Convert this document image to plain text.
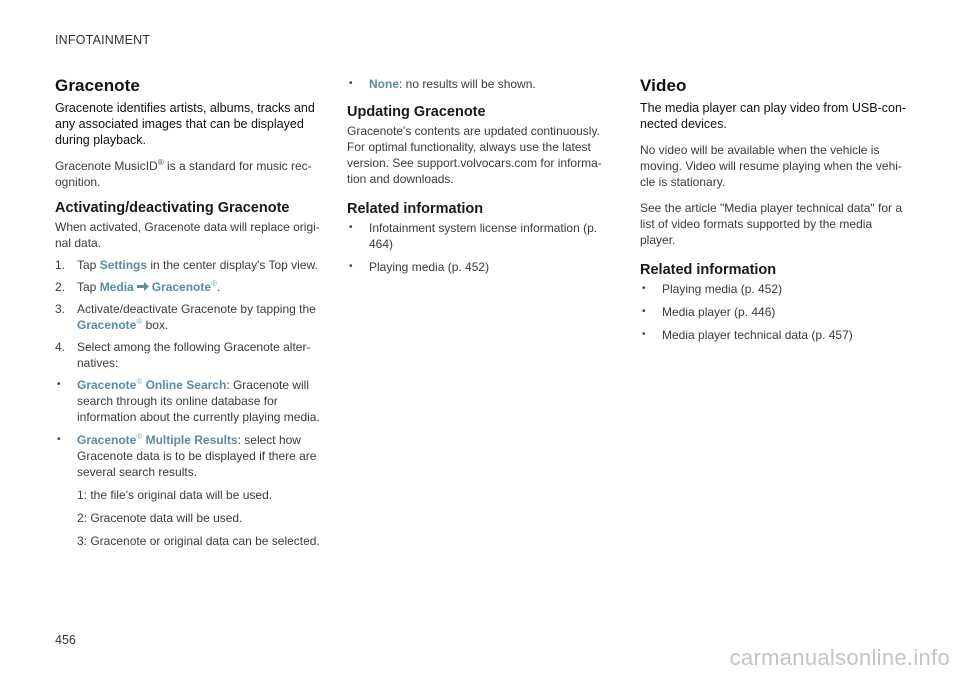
INFOTAINMENT
Gracenote
Gracenote identifies artists, albums, tracks and any associated images that can be displayed during playback.

Gracenote MusicID® is a standard for music rec-ognition.

Activating/deactivating Gracenote

When activated, Gracenote data will replace origi-nal data.

1. Tap Settings in the center display's Top view.
2. Tap Media Gracenote®.
3. Activate/deactivate Gracenote by tapping the Gracenote® box.
4. Select among the following Gracenote alter-natives:
•	Gracenote® Online Search: Gracenote will search through its online database for information about the currently playing media.
•	Gracenote® Multiple Results: select how Gracenote data is to be displayed if there are several search results.
1: the file's original data will be used.
2: Gracenote data will be used.
3: Gracenote or original data can be selected.
•	None: no results will be shown.
Updating Gracenote

Gracenote's contents are updated continuously. For optimal functionality, always use the latest version. See support.volvocars.com for informa-tion and downloads.

Related information
•	Infotainment system license information (p. 464)
•	Playing media (p. 452)
Video
The media player can play video from USB-con-nected devices.

No video will be available when the vehicle is moving. Video will resume playing when the vehi-cle is stationary.

See the article "Media player technical data" for a list of video formats supported by the media player.

Related information
•	Playing media (p. 452)
•	Media player (p. 446)
•	Media player technical data (p. 457)
456
carmanualsonline.info
